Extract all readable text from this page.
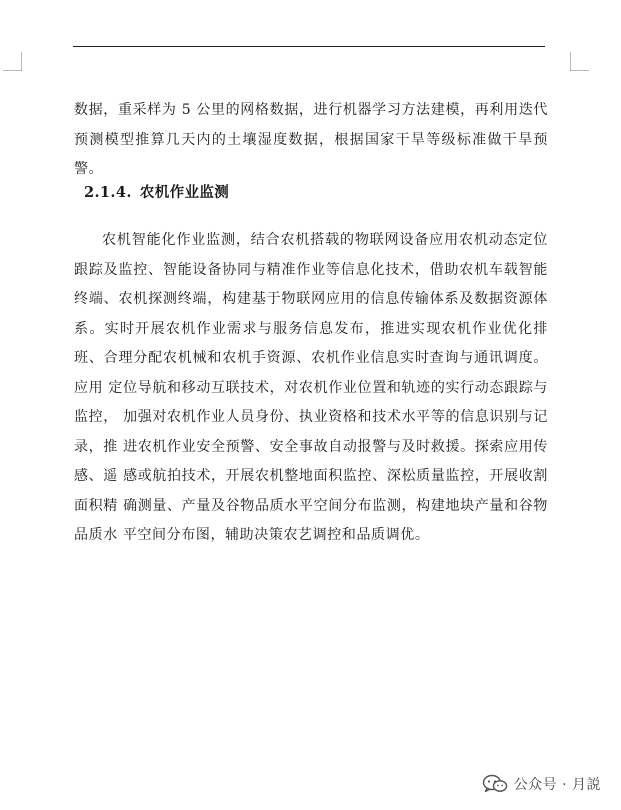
数据，重采样为 5 公里的网格数据，进行机器学习方法建模，再利用迭代预测模型推算几天内的土壤湿度数据，根据国家干旱等级标准做干旱预警。

2.1.4. 农机作业监测

农机智能化作业监测，结合农机搭载的物联网设备应用农机动态定位 跟踪及监控、智能设备协同与精准作业等信息化技术，借助农机车载智能 终端、农机探测终端，构建基于物联网应用的信息传输体系及数据资源体 系。实时开展农机作业需求与服务信息发布，推进实现农机作业优化排班、合理分配农机械和农机手资源、农机作业信息实时查询与通讯调度。应用 定位导航和移动互联技术，对农机作业位置和轨迹的实行动态跟踪与监控， 加强对农机作业人员身份、执业资格和技术水平等的信息识别与记录，推 进农机作业安全预警、安全事故自动报警与及时救援。探索应用传感、遥 感或航拍技术，开展农机整地面积监控、深松质量监控，开展收割面积精 确测量、产量及谷物品质水平空间分布监测，构建地块产量和谷物品质水 平空间分布图，辅助决策农艺调控和品质调优。

公众号 · 月説
